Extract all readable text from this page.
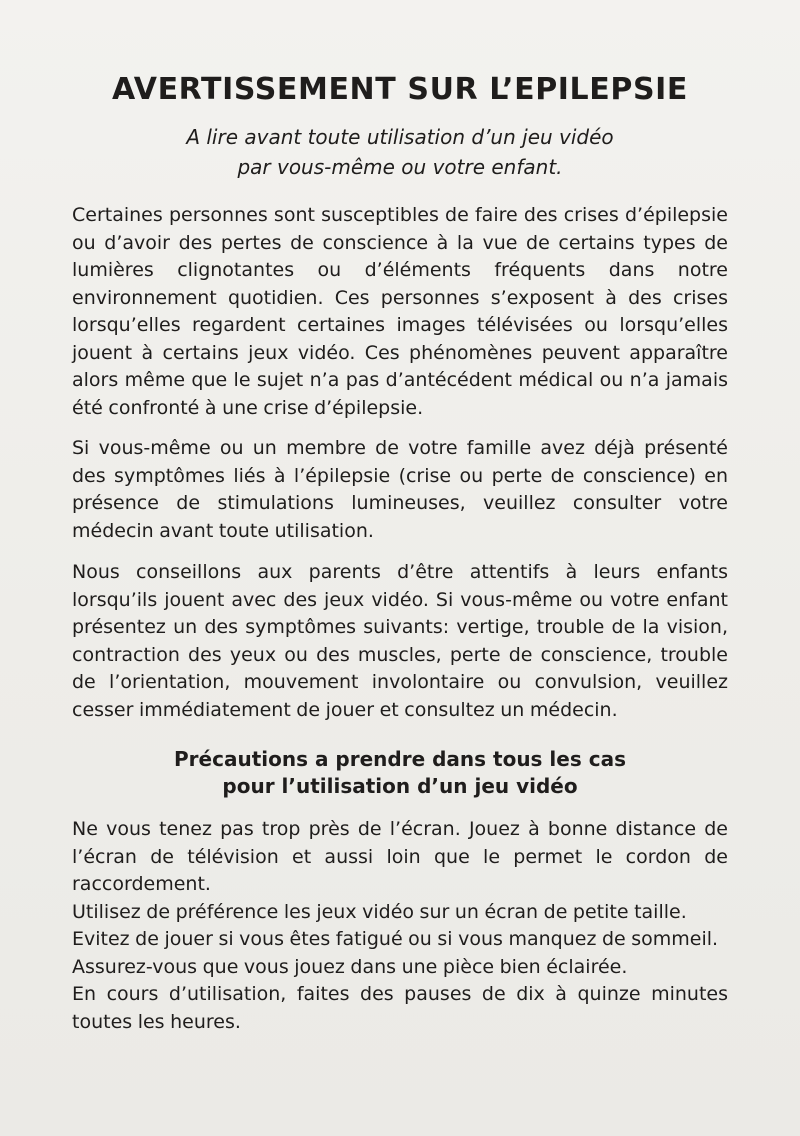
AVERTISSEMENT SUR L’EPILEPSIE

A lire avant toute utilisation d’un jeu vidéo
par vous-même ou votre enfant.

Certaines personnes sont susceptibles de faire des crises d’épilepsie ou d’avoir des pertes de conscience à la vue de certains types de lumières clignotantes ou d’éléments fréquents dans notre environnement quotidien. Ces personnes s’exposent à des crises lorsqu’elles regardent certaines images télévisées ou lorsqu’elles jouent à certains jeux vidéo. Ces phénomènes peuvent apparaître alors même que le sujet n’a pas d’antécédent médical ou n’a jamais été confronté à une crise d’épilepsie.

Si vous-même ou un membre de votre famille avez déjà présenté des symptômes liés à l’épilepsie (crise ou perte de conscience) en présence de stimulations lumineuses, veuillez consulter votre médecin avant toute utilisation.

Nous conseillons aux parents d’être attentifs à leurs enfants lorsqu’ils jouent avec des jeux vidéo. Si vous-même ou votre enfant présentez un des symptômes suivants: vertige, trouble de la vision, contraction des yeux ou des muscles, perte de conscience, trouble de l’orientation, mouvement involontaire ou convulsion, veuillez cesser immédiatement de jouer et consultez un médecin.

Précautions a prendre dans tous les cas
pour l’utilisation d’un jeu vidéo

Ne vous tenez pas trop près de l’écran. Jouez à bonne distance de l’écran de télévision et aussi loin que le permet le cordon de raccordement.

Utilisez de préférence les jeux vidéo sur un écran de petite taille.

Evitez de jouer si vous êtes fatigué ou si vous manquez de sommeil.

Assurez-vous que vous jouez dans une pièce bien éclairée.

En cours d’utilisation, faites des pauses de dix à quinze minutes toutes les heures.
